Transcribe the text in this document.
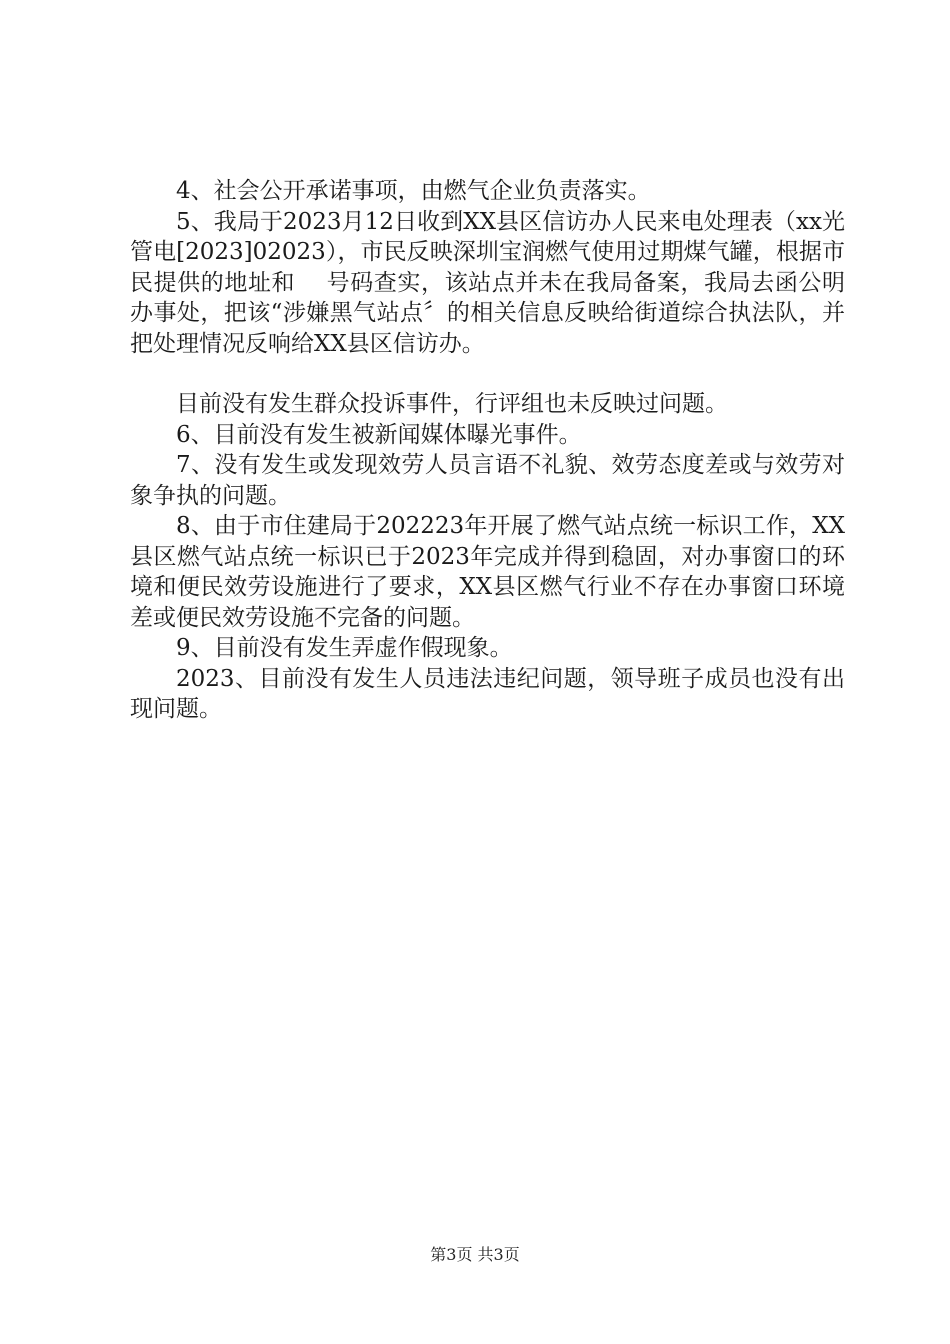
4、社会公开承诺事项，由燃气企业负责落实。

5、我局于2023月12日收到XX县区信访办人民来电处理表（xx光管电[2023]02023），市民反映深圳宝润燃气使用过期煤气罐，根据市民提供的地址和　 号码查实，该站点并未在我局备案，我局去函公明办事处，把该“涉嫌黑气站点〞的相关信息反映给街道综合执法队，并把处理情况反响给XX县区信访办。

目前没有发生群众投诉事件，行评组也未反映过问题。

6、目前没有发生被新闻媒体曝光事件。

7、没有发生或发现效劳人员言语不礼貌、效劳态度差或与效劳对象争执的问题。

8、由于市住建局于202223年开展了燃气站点统一标识工作，XX县区燃气站点统一标识已于2023年完成并得到稳固，对办事窗口的环境和便民效劳设施进行了要求，XX县区燃气行业不存在办事窗口环境差或便民效劳设施不完备的问题。

9、目前没有发生弄虚作假现象。

2023、目前没有发生人员违法违纪问题，领导班子成员也没有出现问题。

第3页 共3页
